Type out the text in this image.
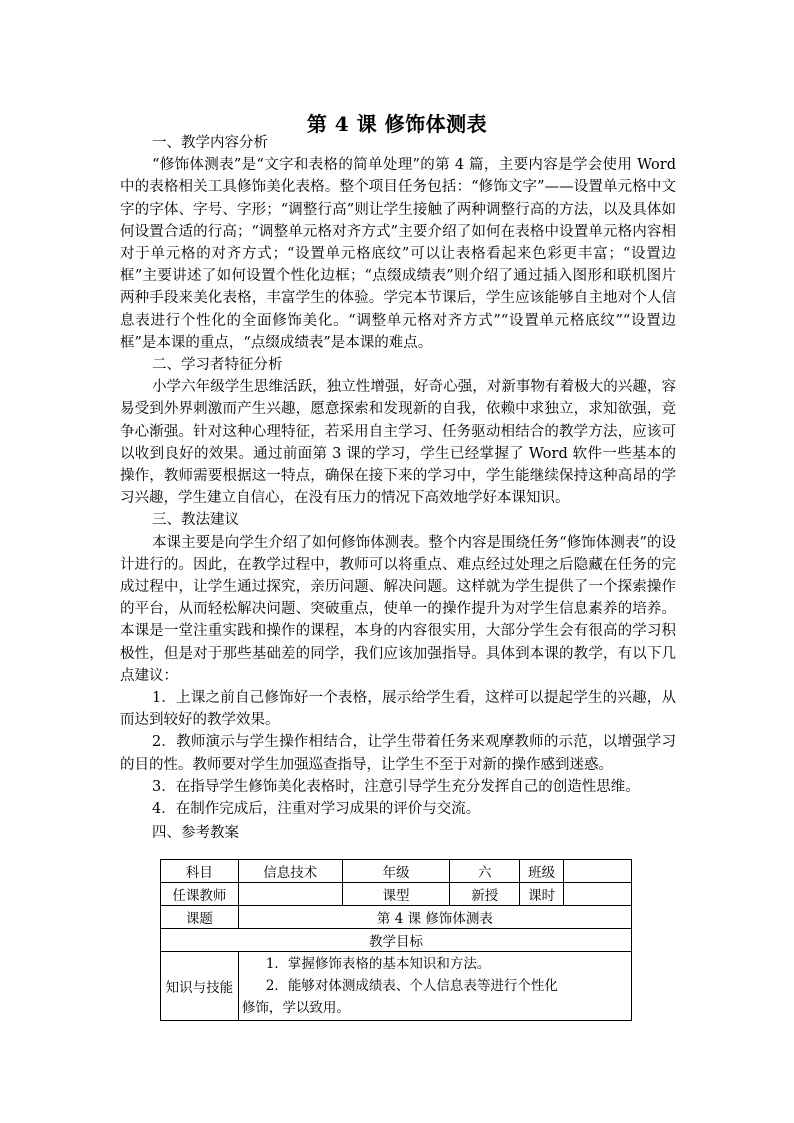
第 4 课 修饰体测表
一、教学内容分析

“修饰体测表”是“文字和表格的简单处理”的第 4 篇，主要内容是学会使用 Word 中的表格相关工具修饰美化表格。整个项目任务包括：“修饰文字”——设置单元格中文字的字体、字号、字形；“调整行高”则让学生接触了两种调整行高的方法，以及具体如何设置合适的行高；“调整单元格对齐方式”主要介绍了如何在表格中设置单元格内容相对于单元格的对齐方式；“设置单元格底纹”可以让表格看起来色彩更丰富；“设置边框”主要讲述了如何设置个性化边框；“点缀成绩表”则介绍了通过插入图形和联机图片两种手段来美化表格，丰富学生的体验。学完本节课后，学生应该能够自主地对个人信息表进行个性化的全面修饰美化。“调整单元格对齐方式”“设置单元格底纹”“设置边框”是本课的重点，“点缀成绩表”是本课的难点。

二、学习者特征分析

小学六年级学生思维活跃，独立性增强，好奇心强，对新事物有着极大的兴趣，容易受到外界刺激而产生兴趣，愿意探索和发现新的自我，依赖中求独立，求知欲强，竞争心渐强。针对这种心理特征，若采用自主学习、任务驱动相结合的教学方法，应该可以收到良好的效果。通过前面第 3 课的学习，学生已经掌握了 Word 软件一些基本的操作，教师需要根据这一特点，确保在接下来的学习中，学生能继续保持这种高昂的学习兴趣，学生建立自信心，在没有压力的情况下高效地学好本课知识。

三、教法建议

本课主要是向学生介绍了如何修饰体测表。整个内容是围绕任务“修饰体测表”的设计进行的。因此，在教学过程中，教师可以将重点、难点经过处理之后隐藏在任务的完成过程中，让学生通过探究，亲历问题、解决问题。这样就为学生提供了一个探索操作的平台，从而轻松解决问题、突破重点，使单一的操作提升为对学生信息素养的培养。本课是一堂注重实践和操作的课程，本身的内容很实用，大部分学生会有很高的学习积极性，但是对于那些基础差的同学，我们应该加强指导。具体到本课的教学，有以下几点建议：

1．上课之前自己修饰好一个表格，展示给学生看，这样可以提起学生的兴趣，从而达到较好的教学效果。

2．教师演示与学生操作相结合，让学生带着任务来观摩教师的示范，以增强学习的目的性。教师要对学生加强巡查指导，让学生不至于对新的操作感到迷惑。

3．在指导学生修饰美化表格时，注意引导学生充分发挥自己的创造性思维。

4．在制作完成后，注重对学习成果的评价与交流。

四、参考教案
科目	信息技术	年级	六	班级	
任课教师		课型	新授	课时	
课题	第 4 课 修饰体测表				
教学目标					
知识与技能	1．掌握修饰表格的基本知识和方法。
2．能够对体测成绩表、个人信息表等进行个性化
修饰，学以致用。				
